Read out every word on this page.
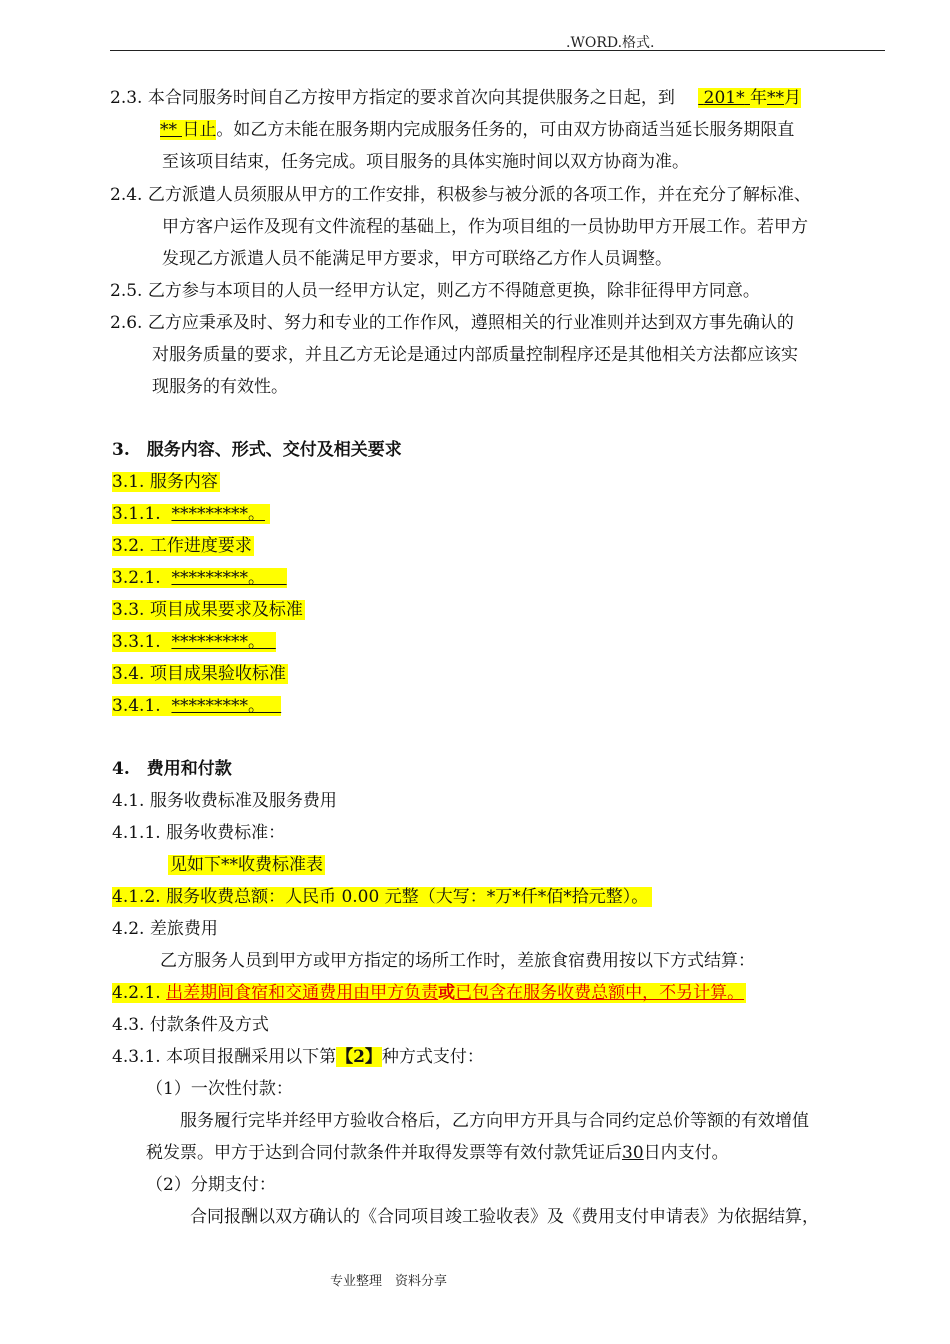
.WORD.格式.
2.3. 本合同服务时间自乙方按甲方指定的要求首次向其提供服务之日起，到 201* 年**月
** 日止。如乙方未能在服务期内完成服务任务的，可由双方协商适当延长服务期限直
至该项目结束，任务完成。项目服务的具体实施时间以双方协商为准。
2.4. 乙方派遣人员须服从甲方的工作安排，积极参与被分派的各项工作，并在充分了解标准、
甲方客户运作及现有文件流程的基础上，作为项目组的一员协助甲方开展工作。若甲方
发现乙方派遣人员不能满足甲方要求，甲方可联络乙方作人员调整。
2.5. 乙方参与本项目的人员一经甲方认定，则乙方不得随意更换，除非征得甲方同意。
2.6. 乙方应秉承及时、努力和专业的工作作风，遵照相关的行业准则并达到双方事先确认的
对服务质量的要求，并且乙方无论是通过内部质量控制程序还是其他相关方法都应该实
现服务的有效性。
3.　服务内容、形式、交付及相关要求
3.1. 服务内容
3.1.1. *********。
3.2. 工作进度要求
3.2.1. *********。
3.3. 项目成果要求及标准
3.3.1. *********。
3.4. 项目成果验收标准
3.4.1. *********。
4.　费用和付款
4.1. 服务收费标准及服务费用
4.1.1. 服务收费标准：
见如下**收费标准表
4.1.2. 服务收费总额：人民币 0.00 元整（大写：*万*仟*佰*拾元整）。
4.2. 差旅费用
乙方服务人员到甲方或甲方指定的场所工作时，差旅食宿费用按以下方式结算：
4.2.1. 出差期间食宿和交通费用由甲方负责或已包含在服务收费总额中，不另计算。
4.3. 付款条件及方式
4.3.1. 本项目报酬采用以下第【2】种方式支付：
（1）一次性付款：
服务履行完毕并经甲方验收合格后，乙方向甲方开具与合同约定总价等额的有效增值
税发票。甲方于达到合同付款条件并取得发票等有效付款凭证后30日内支付。
（2）分期支付：
合同报酬以双方确认的《合同项目竣工验收表》及《费用支付申请表》为依据结算，
专业整理　资料分享
